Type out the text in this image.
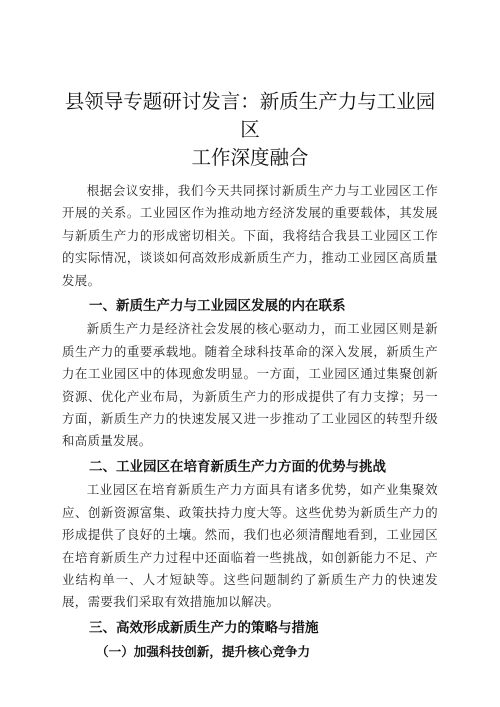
县领导专题研讨发言：新质生产力与工业园区
工作深度融合

根据会议安排，我们今天共同探讨新质生产力与工业园区工作开展的关系。工业园区作为推动地方经济发展的重要载体，其发展与新质生产力的形成密切相关。下面，我将结合我县工业园区工作的实际情况，谈谈如何高效形成新质生产力，推动工业园区高质量发展。

一、新质生产力与工业园区发展的内在联系

新质生产力是经济社会发展的核心驱动力，而工业园区则是新质生产力的重要承载地。随着全球科技革命的深入发展，新质生产力在工业园区中的体现愈发明显。一方面，工业园区通过集聚创新资源、优化产业布局，为新质生产力的形成提供了有力支撑；另一方面，新质生产力的快速发展又进一步推动了工业园区的转型升级和高质量发展。

二、工业园区在培育新质生产力方面的优势与挑战

工业园区在培育新质生产力方面具有诸多优势，如产业集聚效应、创新资源富集、政策扶持力度大等。这些优势为新质生产力的形成提供了良好的土壤。然而，我们也必须清醒地看到，工业园区在培育新质生产力过程中还面临着一些挑战，如创新能力不足、产业结构单一、人才短缺等。这些问题制约了新质生产力的快速发展，需要我们采取有效措施加以解决。

三、高效形成新质生产力的策略与措施
（一）加强科技创新，提升核心竞争力
